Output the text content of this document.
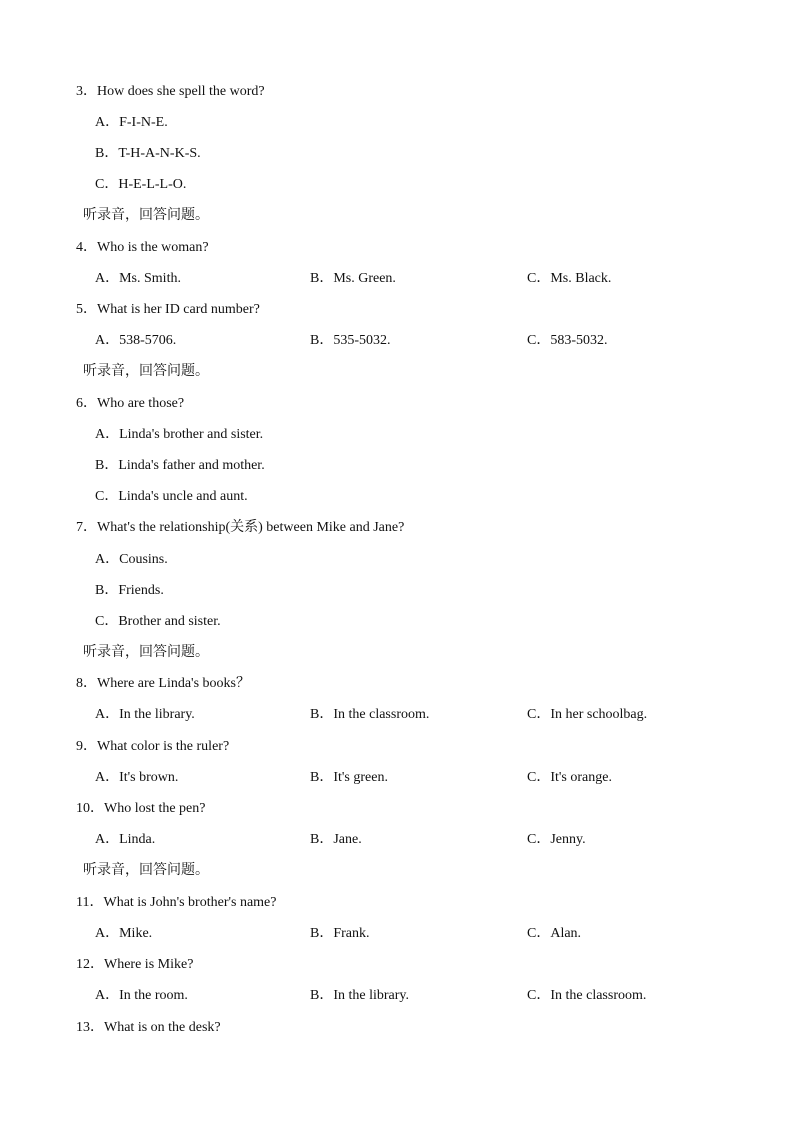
3．How does she spell the word?
A．F-I-N-E.
B．T-H-A-N-K-S.
C．H-E-L-L-O.
听录音，回答问题。
4．Who is the woman?
A．Ms. Smith.	B．Ms. Green.	C．Ms. Black.
5．What is her ID card number?
A．538-5706.	B．535-5032.	C．583-5032.
听录音，回答问题。
6．Who are those?
A．Linda's brother and sister.
B．Linda's father and mother.
C．Linda's uncle and aunt.
7．What's the relationship(关系) between Mike and Jane?
A．Cousins.
B．Friends.
C．Brother and sister.
听录音，回答问题。
8．Where are Linda's books？
A．In the library.	B．In the classroom.	C．In her schoolbag.
9．What color is the ruler?
A．It's brown.	B．It's green.	C．It's orange.
10．Who lost the pen?
A．Linda.	B．Jane.	C．Jenny.
听录音，回答问题。
11．What is John's brother's name?
A．Mike.	B．Frank.	C．Alan.
12．Where is Mike?
A．In the room.	B．In the library.	C．In the classroom.
13．What is on the desk?
